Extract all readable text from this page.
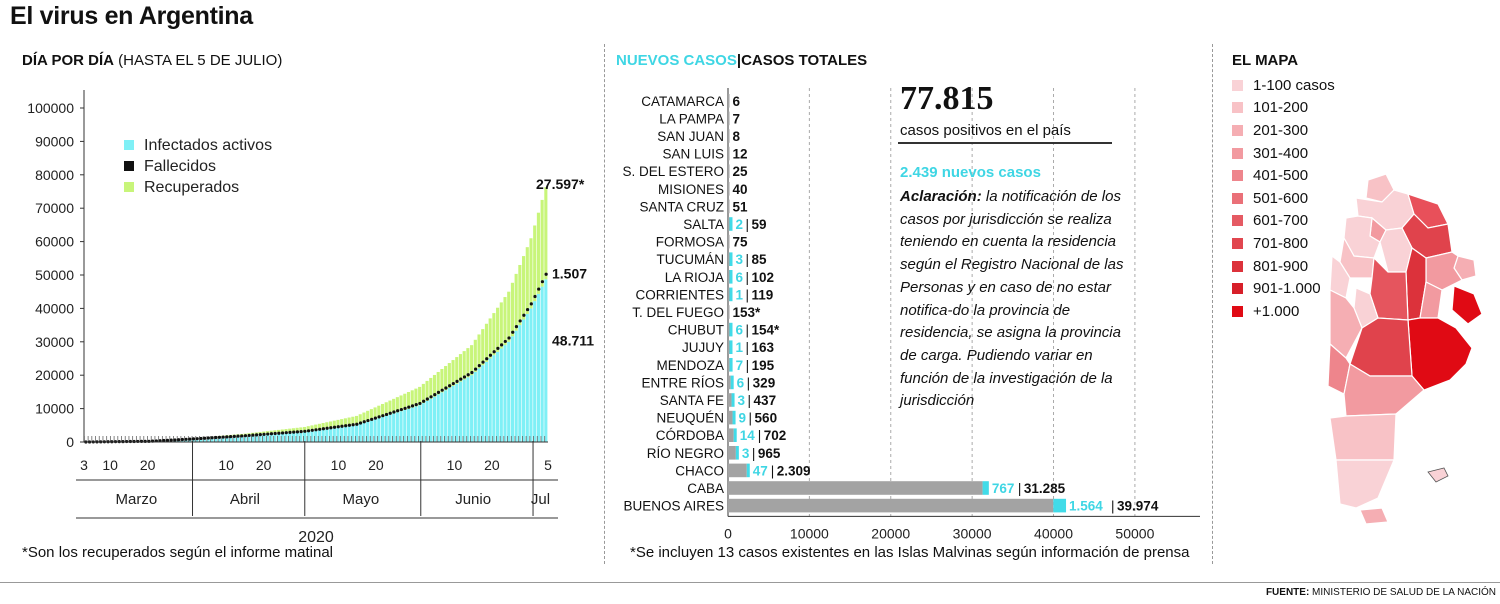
El virus en Argentina
DÍA POR DÍA (HASTA EL 5 DE JULIO)	NUEVOS CASOS|CASOS TOTALES	EL MAPA
0
10000
20000
30000
40000
50000
60000
70000
80000
90000
100000
Infectados activos
Fallecidos
Recuperados	27.597*
1.507
48.711
3 10 20	10 20	10 20	10 20	5
Marzo	Abril	Mayo	Junio	Jul
2020
*Son los recuperados según el informe matinal
0	10000	20000	30000	40000	50000
CATAMARCA 6
LA PAMPA 7
SAN JUAN 8
SAN LUIS 12
S. DEL ESTERO 25
MISIONES 40
SANTA CRUZ 51
SALTA 2 | 59
FORMOSA 75
TUCUMÁN 3 | 85
LA RIOJA 6 | 102
CORRIENTES 1 | 119
T. DEL FUEGO 153*
CHUBUT 6 | 154*
JUJUY 1 | 163
MENDOZA 7 | 195
ENTRE RÍOS 6 | 329
SANTA FE 3 | 437
NEUQUÉN 9 | 560
CÓRDOBA 14 | 702
RÍO NEGRO 3 | 965
CHACO 47 | 2.309
CABA	767 | 31.285
BUENOS AIRES	1.564 | 39.974
77.815
casos positivos en el país
2.439 nuevos casos
Aclaración: la notificación de los casos por jurisdicción se realiza teniendo en cuenta la residencia según el Registro Nacional de las Personas y en caso de no estar notifica-do la provincia de residencia, se asigna la provincia de carga. Pudiendo variar en función de la investigación de la jurisdicción
*Se incluyen 13 casos existentes en las Islas Malvinas según información de prensa
1-100 casos
101-200
201-300
301-400
401-500
501-600
601-700
701-800
801-900
901-1.000
+1.000
FUENTE: MINISTERIO DE SALUD DE LA NACIÓN
